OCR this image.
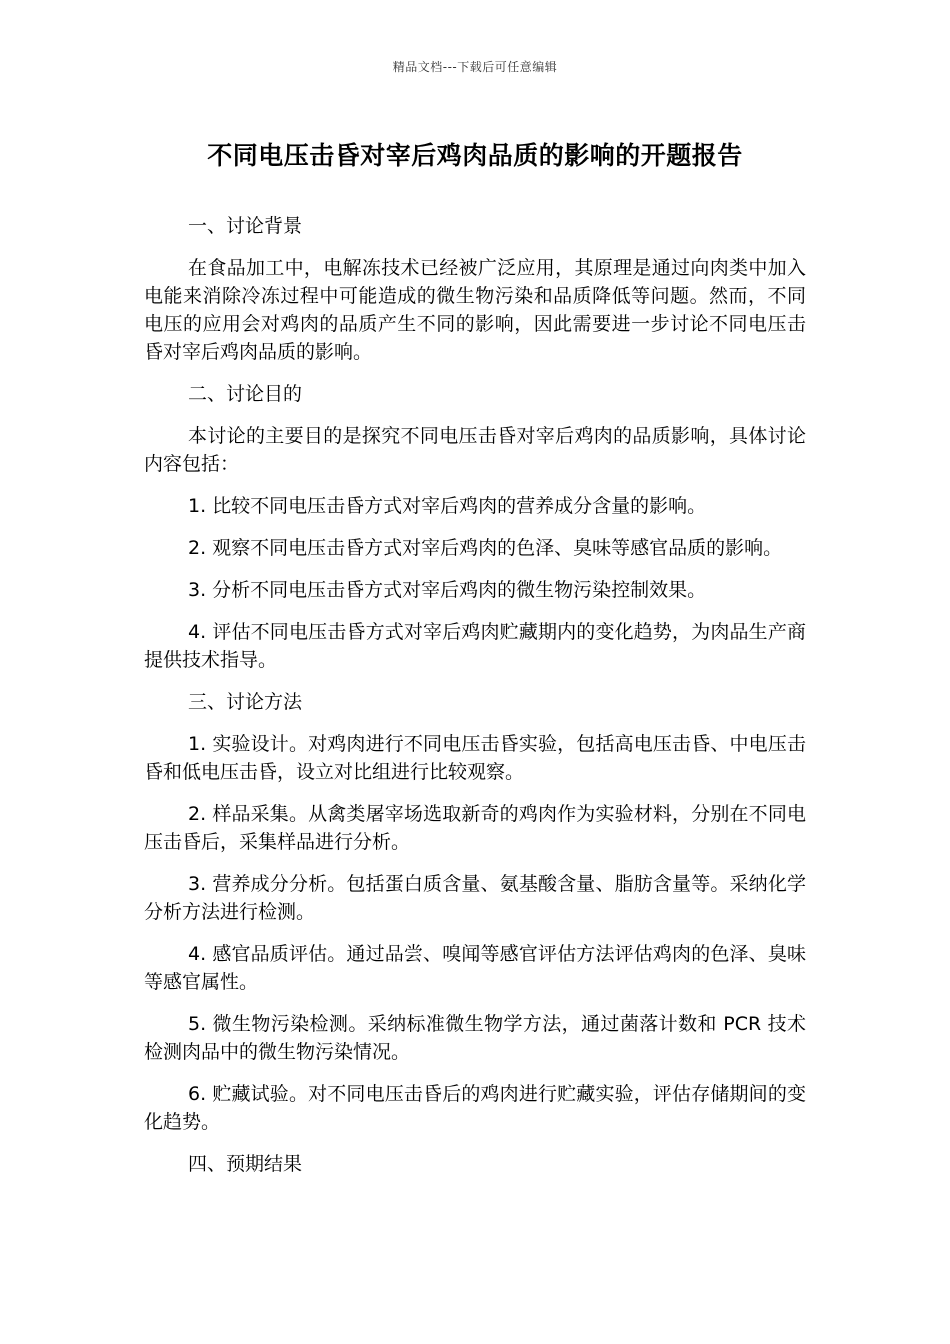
精品文档---下载后可任意编辑
不同电压击昏对宰后鸡肉品质的影响的开题报告

一、讨论背景

在食品加工中，电解冻技术已经被广泛应用，其原理是通过向肉类中加入电能来消除冷冻过程中可能造成的微生物污染和品质降低等问题。然而，不同电压的应用会对鸡肉的品质产生不同的影响，因此需要进一步讨论不同电压击昏对宰后鸡肉品质的影响。

二、讨论目的

本讨论的主要目的是探究不同电压击昏对宰后鸡肉的品质影响，具体讨论内容包括：

1. 比较不同电压击昏方式对宰后鸡肉的营养成分含量的影响。

2. 观察不同电压击昏方式对宰后鸡肉的色泽、臭味等感官品质的影响。

3. 分析不同电压击昏方式对宰后鸡肉的微生物污染控制效果。

4. 评估不同电压击昏方式对宰后鸡肉贮藏期内的变化趋势，为肉品生产商提供技术指导。

三、讨论方法

1. 实验设计。对鸡肉进行不同电压击昏实验，包括高电压击昏、中电压击昏和低电压击昏，设立对比组进行比较观察。

2. 样品采集。从禽类屠宰场选取新奇的鸡肉作为实验材料，分别在不同电压击昏后，采集样品进行分析。

3. 营养成分分析。包括蛋白质含量、氨基酸含量、脂肪含量等。采纳化学分析方法进行检测。

4. 感官品质评估。通过品尝、嗅闻等感官评估方法评估鸡肉的色泽、臭味等感官属性。

5. 微生物污染检测。采纳标准微生物学方法，通过菌落计数和 PCR 技术检测肉品中的微生物污染情况。

6. 贮藏试验。对不同电压击昏后的鸡肉进行贮藏实验，评估存储期间的变化趋势。

四、预期结果
